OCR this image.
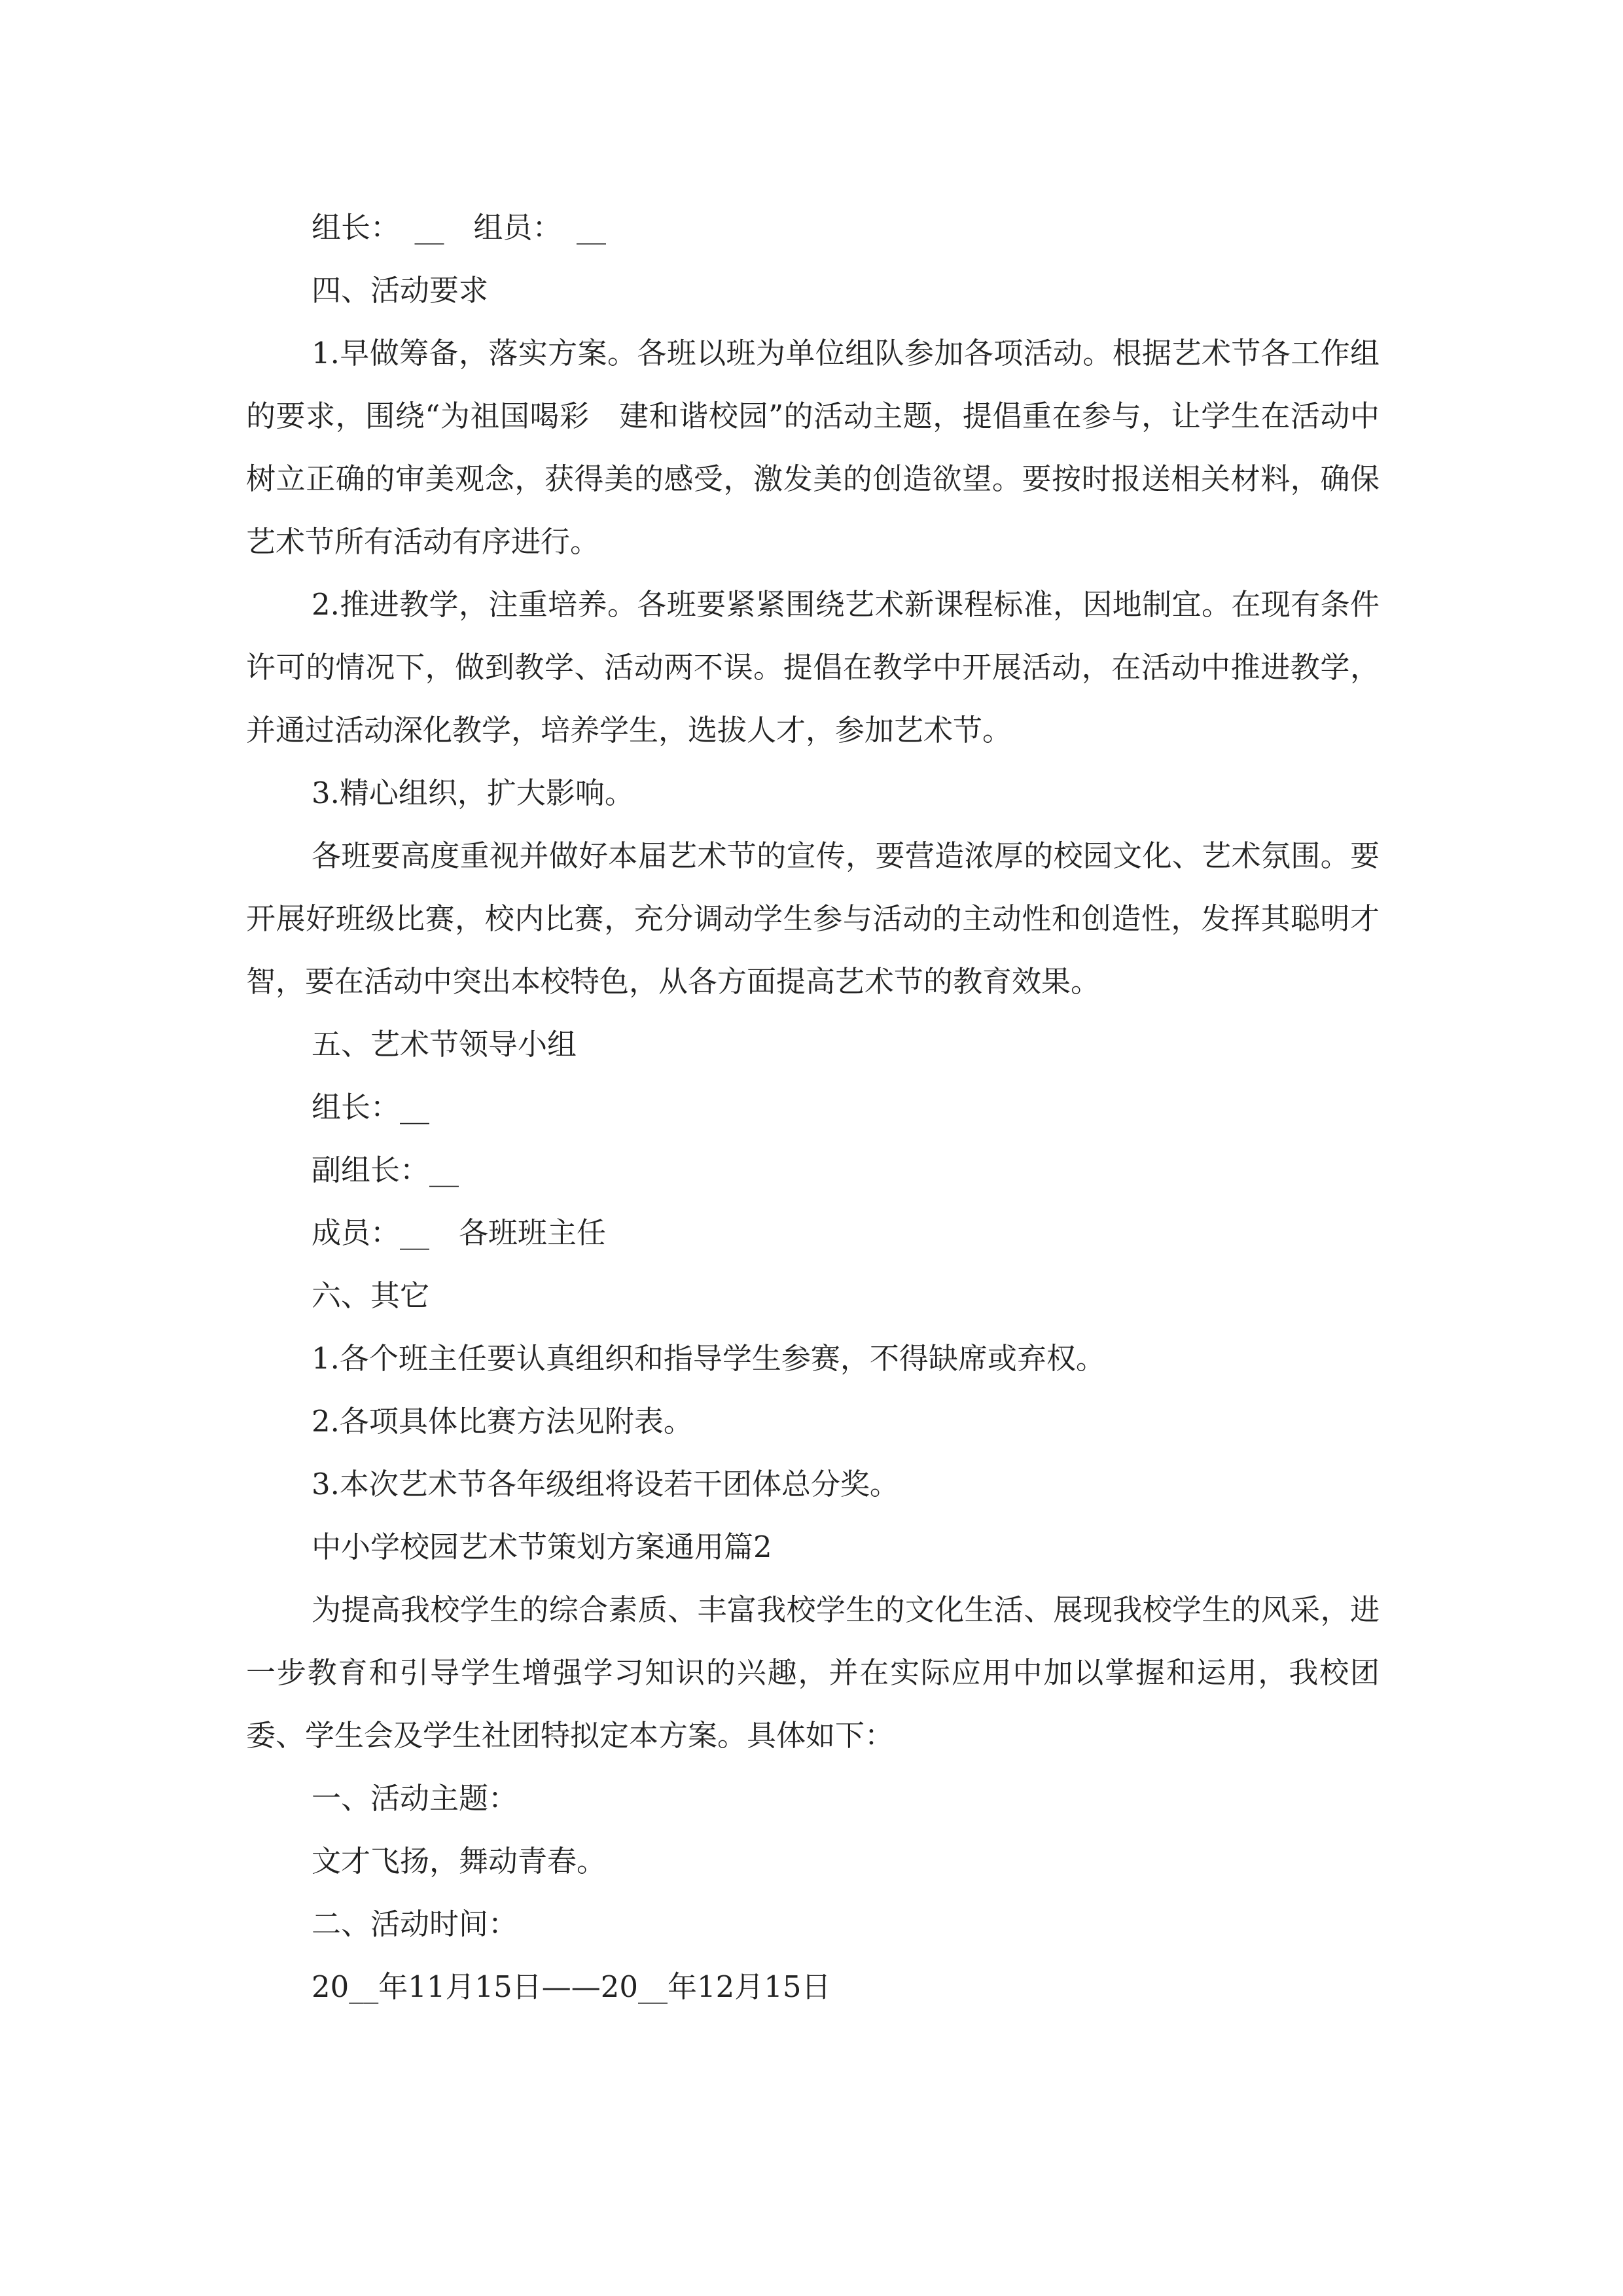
组长：　__　组员：　__

四、活动要求

1.早做筹备，落实方案。各班以班为单位组队参加各项活动。根据艺术节各工作组的要求，围绕“为祖国喝彩　建和谐校园”的活动主题，提倡重在参与，让学生在活动中树立正确的审美观念，获得美的感受，激发美的创造欲望。要按时报送相关材料，确保艺术节所有活动有序进行。

2.推进教学，注重培养。各班要紧紧围绕艺术新课程标准，因地制宜。在现有条件许可的情况下，做到教学、活动两不误。提倡在教学中开展活动，在活动中推进教学，并通过活动深化教学，培养学生，选拔人才，参加艺术节。

3.精心组织，扩大影响。

各班要高度重视并做好本届艺术节的宣传，要营造浓厚的校园文化、艺术氛围。要开展好班级比赛，校内比赛，充分调动学生参与活动的主动性和创造性，发挥其聪明才智，要在活动中突出本校特色，从各方面提高艺术节的教育效果。

五、艺术节领导小组

组长：__

副组长：__

成员：__　各班班主任

六、其它

1.各个班主任要认真组织和指导学生参赛，不得缺席或弃权。

2.各项具体比赛方法见附表。

3.本次艺术节各年级组将设若干团体总分奖。

中小学校园艺术节策划方案通用篇2

为提高我校学生的综合素质、丰富我校学生的文化生活、展现我校学生的风采，进一步教育和引导学生增强学习知识的兴趣，并在实际应用中加以掌握和运用，我校团委、学生会及学生社团特拟定本方案。具体如下：

一、活动主题：

文才飞扬，舞动青春。

二、活动时间：

20__年11月15日——20__年12月15日
